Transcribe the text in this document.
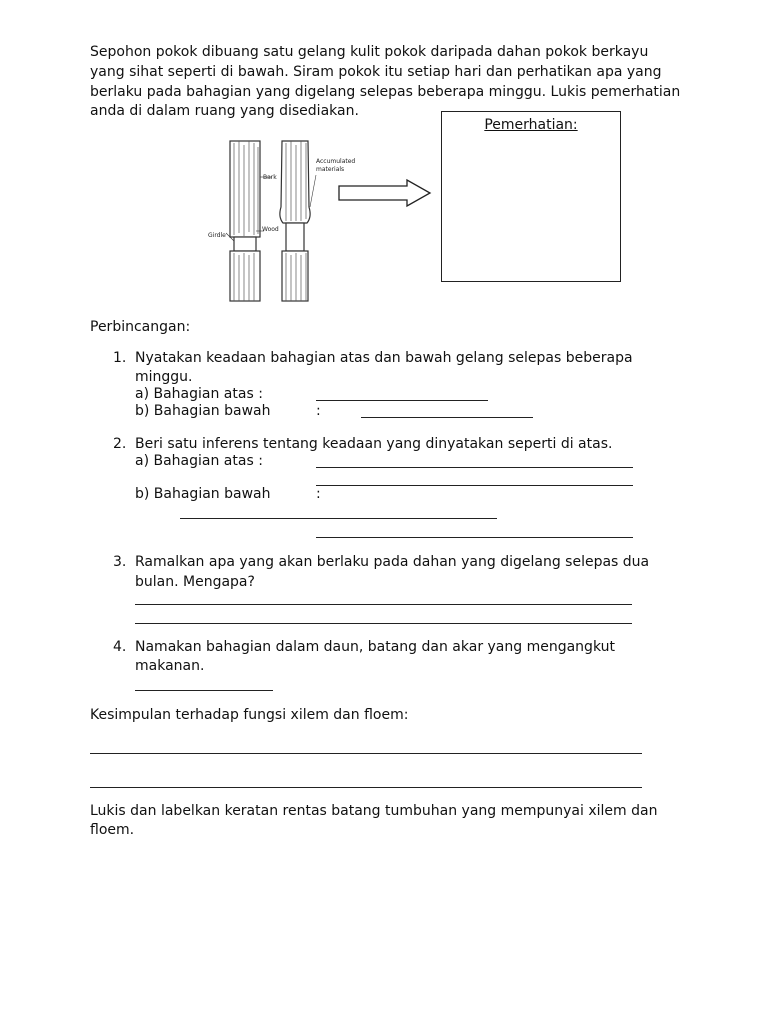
Sepohon pokok dibuang satu gelang kulit pokok daripada dahan pokok berkayu
yang sihat seperti di bawah. Siram pokok itu setiap hari dan perhatikan apa yang
berlaku pada bahagian yang digelang selepas beberapa minggu. Lukis pemerhatian
anda di dalam ruang yang disediakan.
Bark
Accumulated
materials
Girdle
Wood
Pemerhatian:
Perbincangan:
1. Nyatakan keadaan bahagian atas dan bawah gelang selepas beberapa
minggu.
a) Bahagian atas :
b) Bahagian bawah	:
2. Beri satu inferens tentang keadaan yang dinyatakan seperti di atas.
a) Bahagian atas :
b) Bahagian bawah	:
3. Ramalkan apa yang akan berlaku pada dahan yang digelang selepas dua
bulan. Mengapa?
4. Namakan bahagian dalam daun, batang dan akar yang mengangkut
makanan.
Kesimpulan terhadap fungsi xilem dan floem:
Lukis dan labelkan keratan rentas batang tumbuhan yang mempunyai xilem dan
floem.
